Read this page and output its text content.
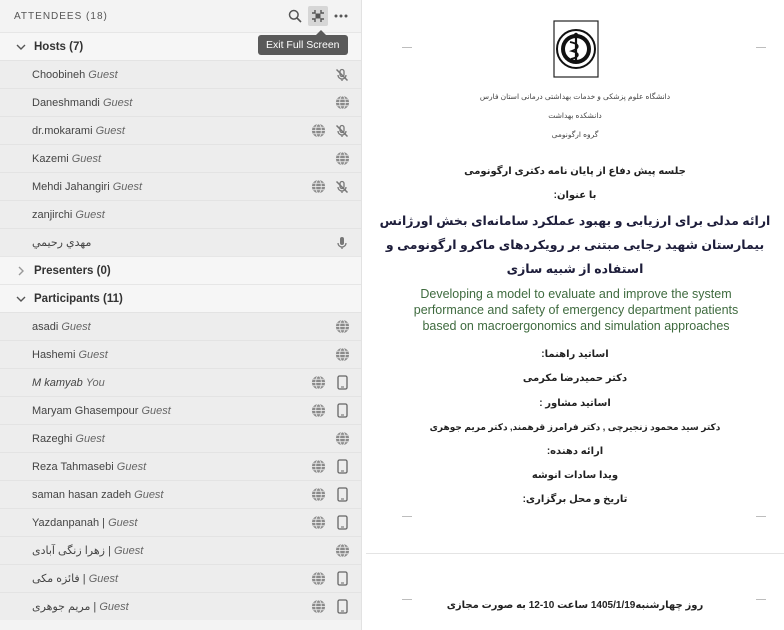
ATTENDEES (18)
Hosts (7)
Choobineh Guest
Daneshmandi Guest
dr.mokarami Guest
Kazemi Guest
Mehdi Jahangiri Guest
zanjirchi Guest
مهدي رحيمي
Presenters (0)
Participants (11)
asadi Guest
Hashemi Guest
M kamyab You
Maryam Ghasempour Guest
Razeghi Guest
Reza Tahmasebi Guest
saman hasan zadeh Guest
Yazdanpanah | Guest
زهرا زنگی آبادی | Guest
فائزه مکی | Guest
مریم جوهری | Guest
Exit Full Screen
دانشگاه علوم پزشکی و خدمات بهداشتی درمانی استان فارس
دانشکده بهداشت
گروه ارگونومی
جلسه پیش دفاع از پایان نامه دکتری ارگونومی
با عنوان:
ارائه مدلی برای ارزیابی و بهبود عملکرد سامانه‌ای بخش اورژانس
بیمارستان شهید رجایی مبتنی بر رویکردهای ماکرو ارگونومی و
استفاده از شبیه سازی
Developing a model to evaluate and improve the system performance and safety of emergency department patients based on macroergonomics and simulation approaches
اساتید راهنما:
دکتر حمیدرضا مکرمی
اساتید مشاور :
دکتر سید محمود زنجیرچی , دکتر فرامرز قرهمند, دکتر مریم جوهری
ارائه دهنده:
ویدا سادات انوشه
تاریخ و محل برگزاری:
روز چهارشنبه1405/1/19 ساعت 10-12 به صورت مجازی
